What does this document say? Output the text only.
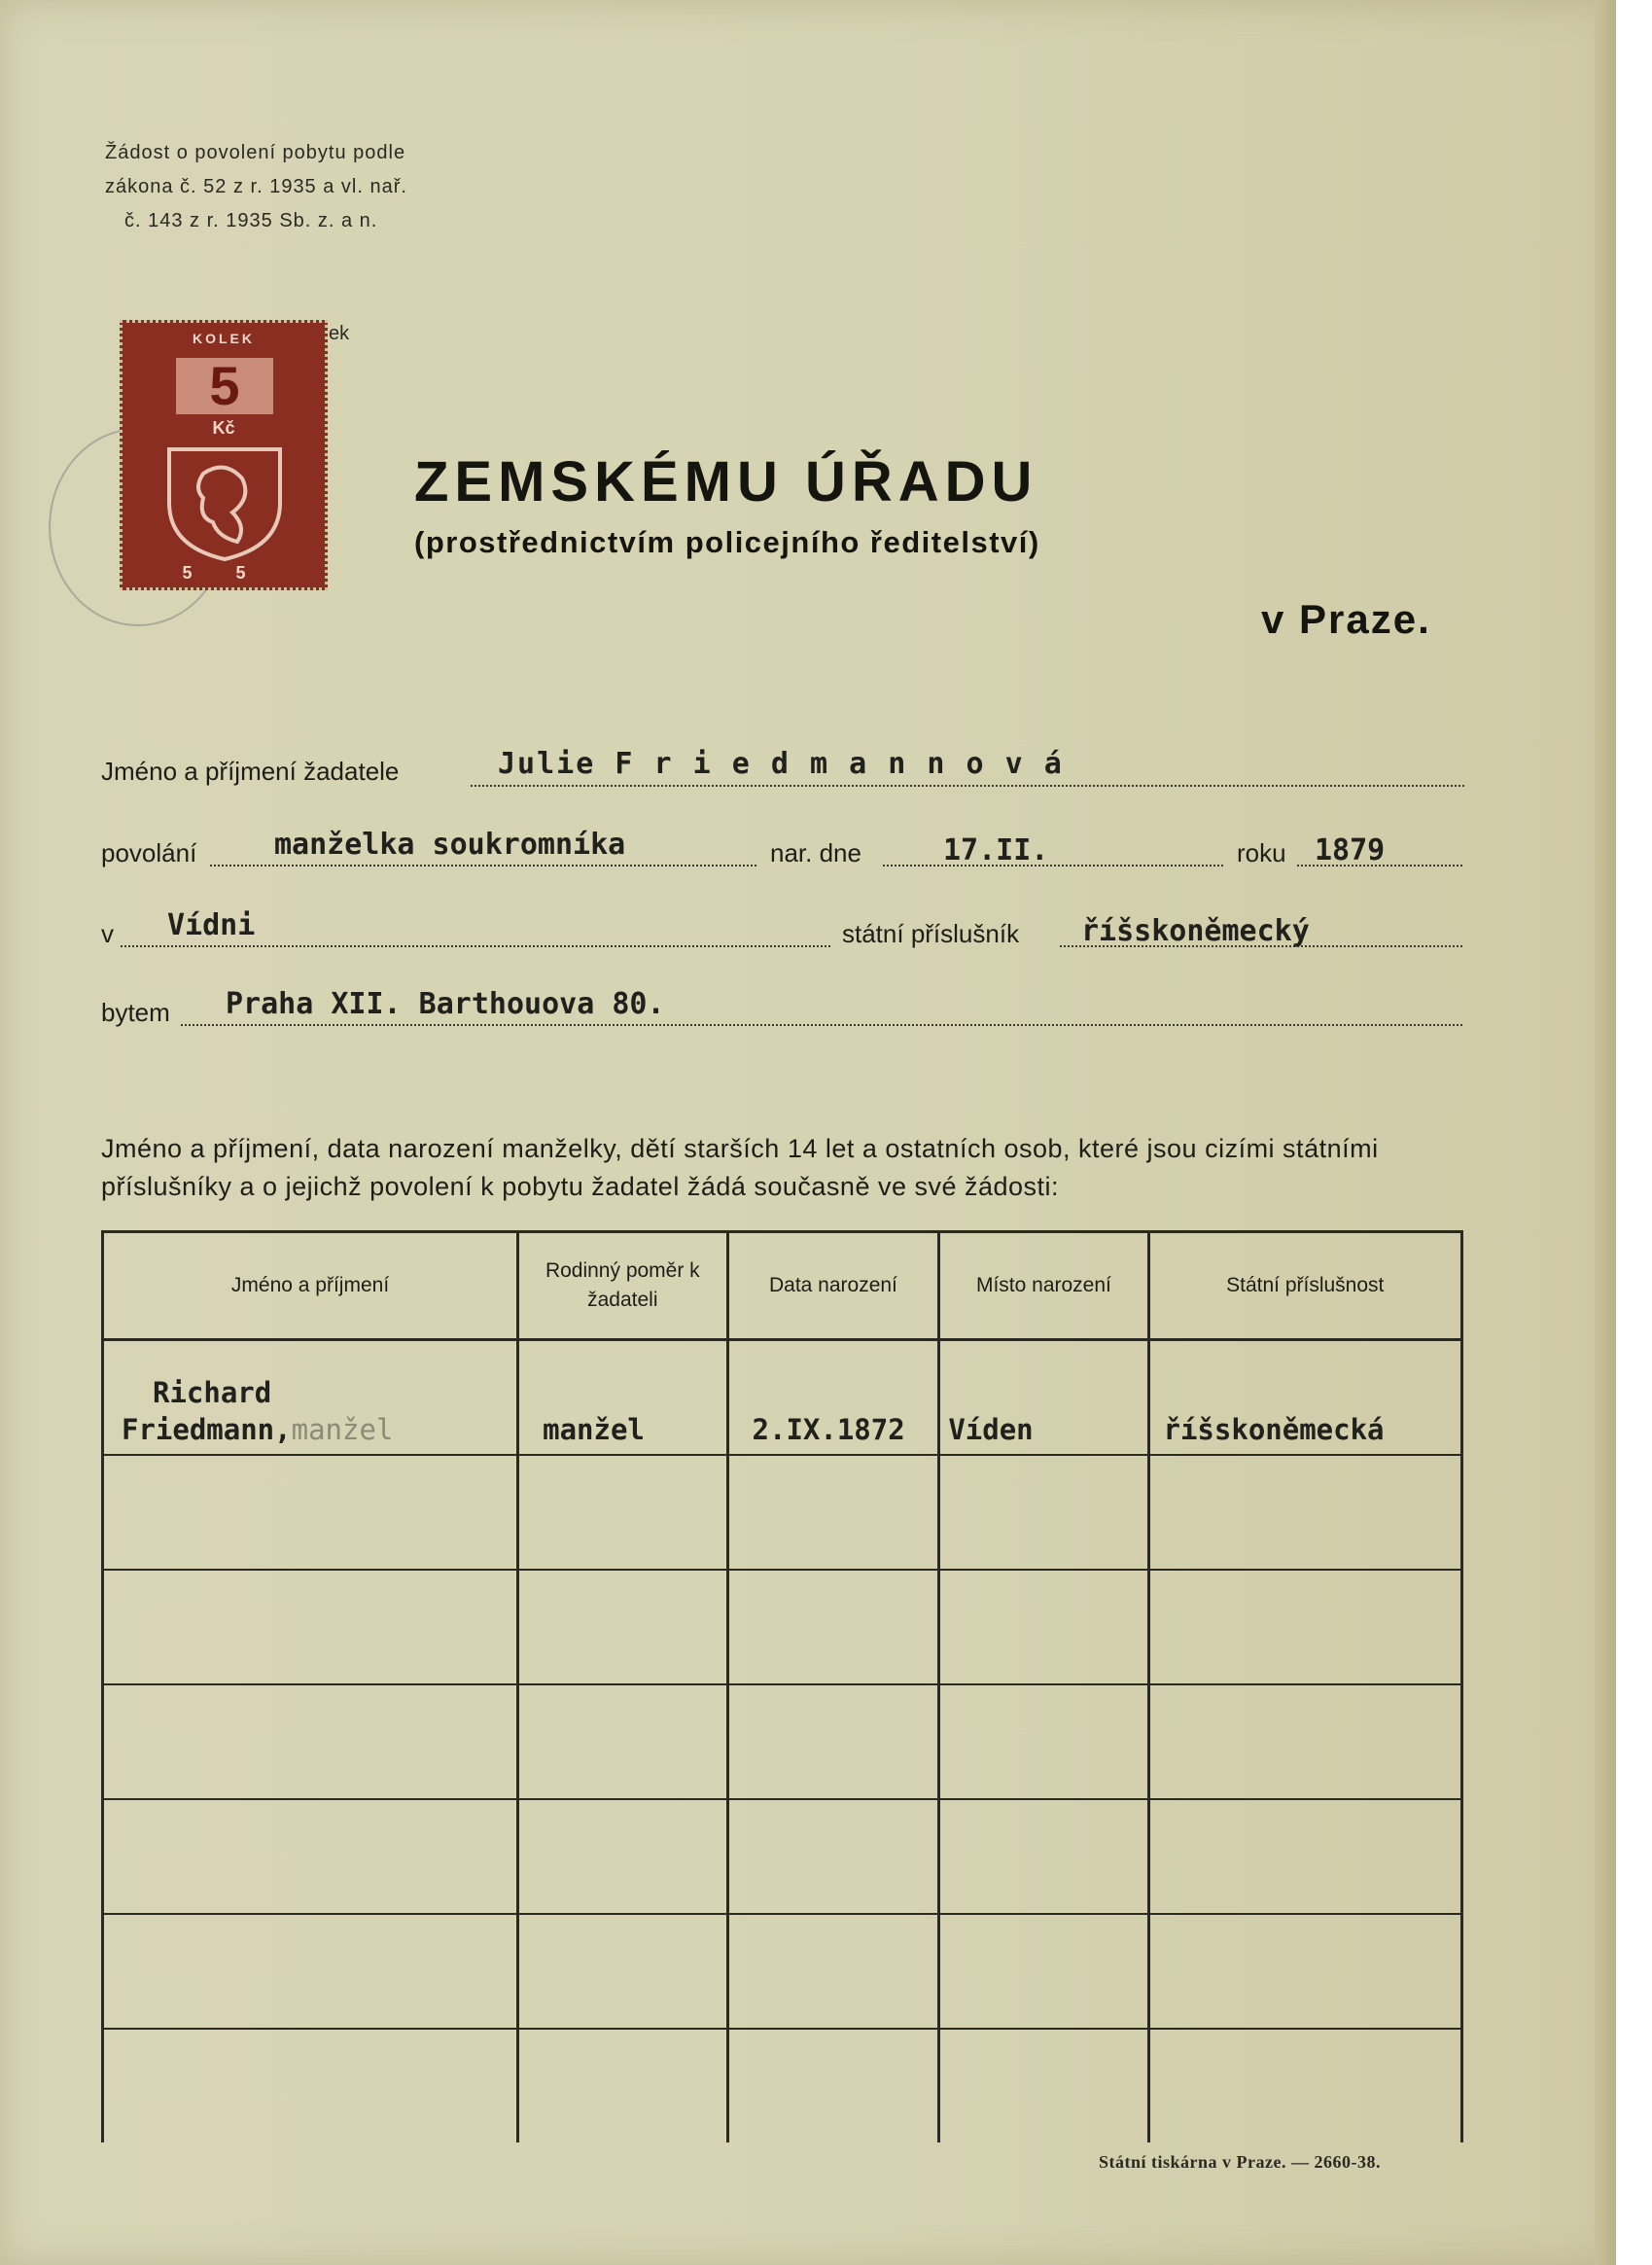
Žádost o povolení pobytu podle
zákona č. 52 z r. 1935 a vl. nař.
č. 143 z r. 1935 Sb. z. a n.
KOLEK
5
Kč
5 5
ek
ZEMSKÉMU ÚŘADU
(prostřednictvím policejního ředitelství)
v Praze.
Jméno a příjmení žadatele	Julie F r i e d m a n n o v á
povolání	manželka soukromníka	nar. dne	17.II.	roku 1879
v Vídni	státní příslušník říšskoněmecký
bytem Praha XII. Barthouova 80.
Jméno a příjmení, data narození manželky, dětí starších 14 let a ostatních osob, které jsou cizími státními příslušníky a o jejichž povolení k pobytu žadatel žádá současně ve své žádosti:
Jméno a příjmení	Rodinný poměr k žadateli	Data narození	Místo narození	Státní příslušnost

Richard
Friedmann,manžel	manžel	2.IX.1872	Víden	říšskoněmecká

Státní tiskárna v Praze. — 2660-38.
